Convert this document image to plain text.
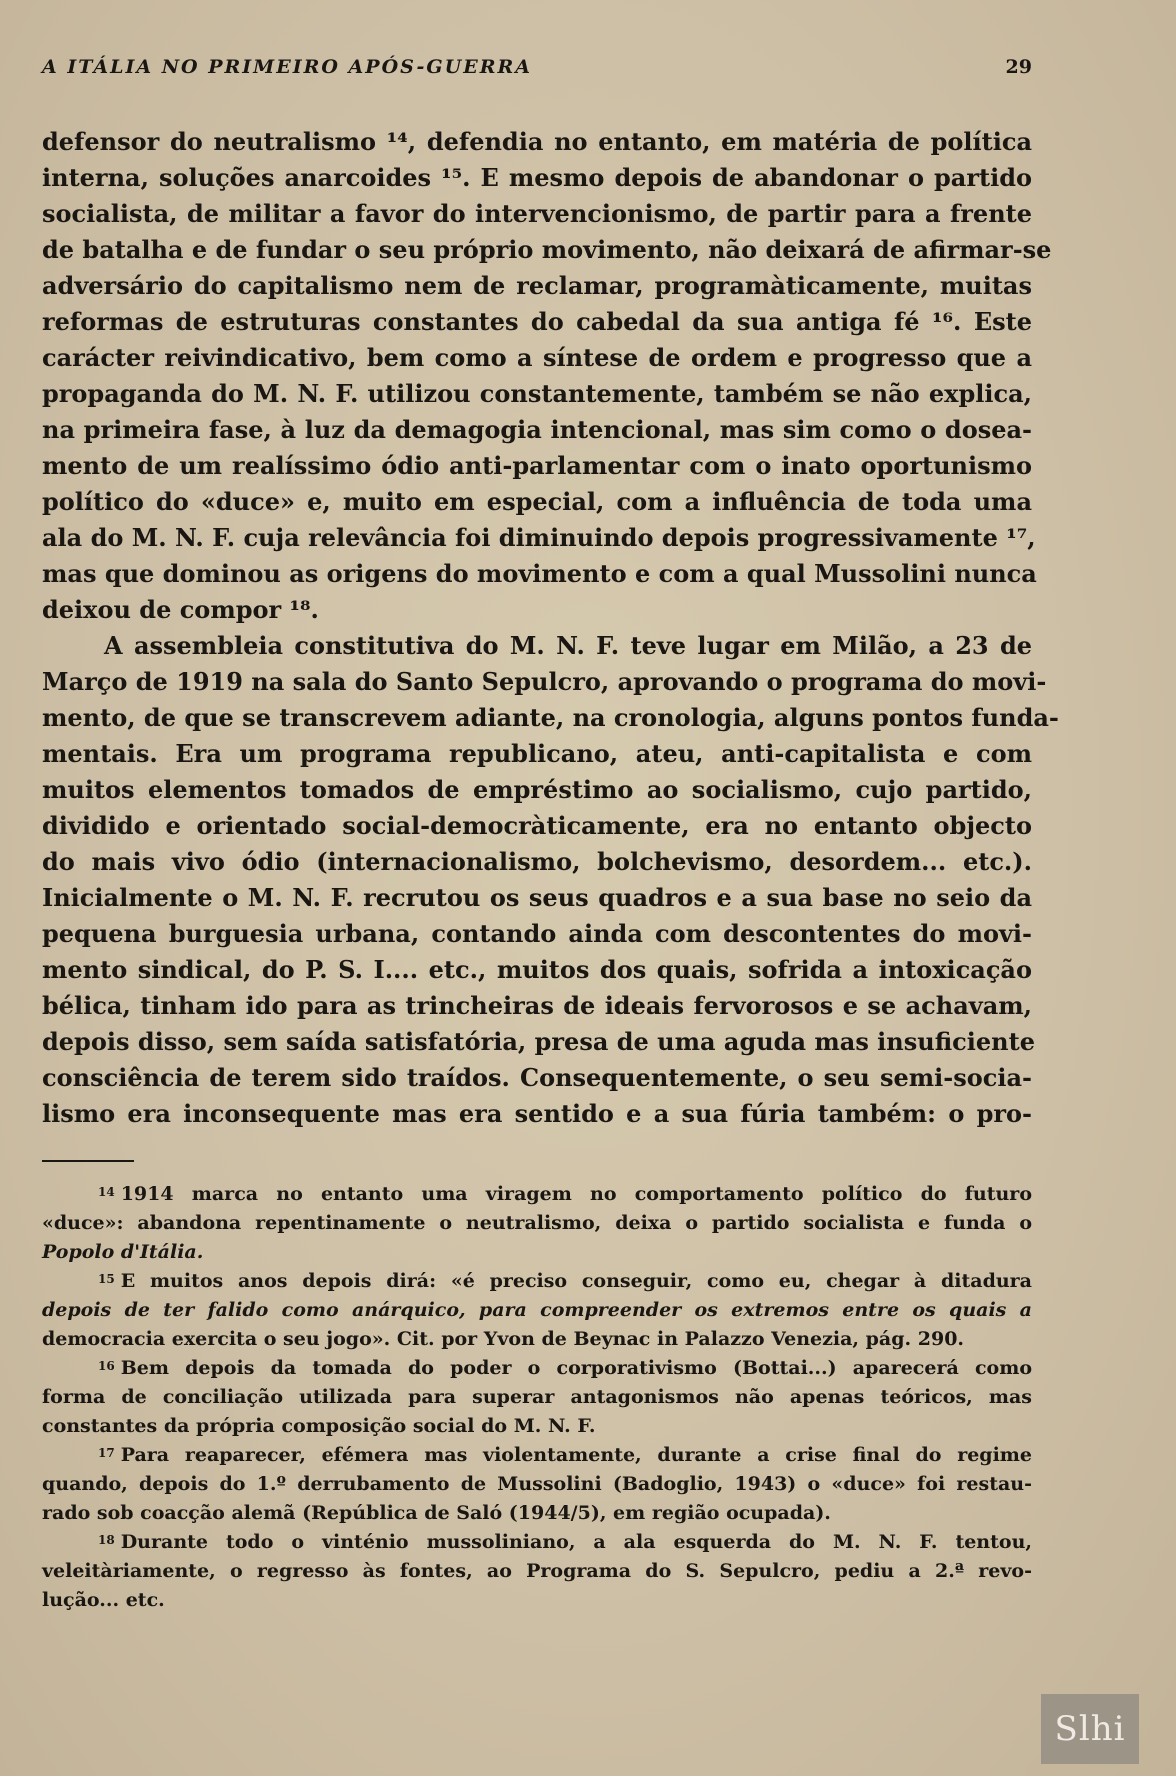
A ITÁLIA NO PRIMEIRO APÓS-GUERRA	29
defensor do neutralismo ¹⁴, defendia no entanto, em matéria de política
interna, soluções anarcoides ¹⁵. E mesmo depois de abandonar o partido
socialista, de militar a favor do intervencionismo, de partir para a frente
de batalha e de fundar o seu próprio movimento, não deixará de afirmar-se
adversário do capitalismo nem de reclamar, programàticamente, muitas
reformas de estruturas constantes do cabedal da sua antiga fé ¹⁶. Este
carácter reivindicativo, bem como a síntese de ordem e progresso que a
propaganda do M. N. F. utilizou constantemente, também se não explica,
na primeira fase, à luz da demagogia intencional, mas sim como o dosea-
mento de um realíssimo ódio anti-parlamentar com o inato oportunismo
político do «duce» e, muito em especial, com a influência de toda uma
ala do M. N. F. cuja relevância foi diminuindo depois progressivamente ¹⁷,
mas que dominou as origens do movimento e com a qual Mussolini nunca
deixou de compor ¹⁸.
A assembleia constitutiva do M. N. F. teve lugar em Milão, a 23 de
Março de 1919 na sala do Santo Sepulcro, aprovando o programa do movi-
mento, de que se transcrevem adiante, na cronologia, alguns pontos funda-
mentais. Era um programa republicano, ateu, anti-capitalista e com
muitos elementos tomados de empréstimo ao socialismo, cujo partido,
dividido e orientado social-democràticamente, era no entanto objecto
do mais vivo ódio (internacionalismo, bolchevismo, desordem... etc.).
Inicialmente o M. N. F. recrutou os seus quadros e a sua base no seio da
pequena burguesia urbana, contando ainda com descontentes do movi-
mento sindical, do P. S. I.... etc., muitos dos quais, sofrida a intoxicação
bélica, tinham ido para as trincheiras de ideais fervorosos e se achavam,
depois disso, sem saída satisfatória, presa de uma aguda mas insuficiente
consciência de terem sido traídos. Consequentemente, o seu semi-socia-
lismo era inconsequente mas era sentido e a sua fúria também: o pro-
$^{14}$ 1914 marca no entanto uma viragem no comportamento político do futuro
«duce»: abandona repentinamente o neutralismo, deixa o partido socialista e funda o
Popolo d'Itália.
$^{15}$ E muitos anos depois dirá: «é preciso conseguir, como eu, chegar à ditadura
depois de ter falido como anárquico, para compreender os extremos entre os quais a
democracia exercita o seu jogo». Cit. por Yvon de Beynac in Palazzo Venezia, pág. 290.
$^{16}$ Bem depois da tomada do poder o corporativismo (Bottai...) aparecerá como
forma de conciliação utilizada para superar antagonismos não apenas teóricos, mas
constantes da própria composição social do M. N. F.
$^{17}$ Para reaparecer, efémera mas violentamente, durante a crise final do regime
quando, depois do 1.º derrubamento de Mussolini (Badoglio, 1943) o «duce» foi restau-
rado sob coacção alemã (República de Saló (1944/5), em região ocupada).
$^{18}$ Durante todo o vinténio mussoliniano, a ala esquerda do M. N. F. tentou,
veleitàriamente, o regresso às fontes, ao Programa do S. Sepulcro, pediu a 2.ª revo-
lução... etc.
Slhi
